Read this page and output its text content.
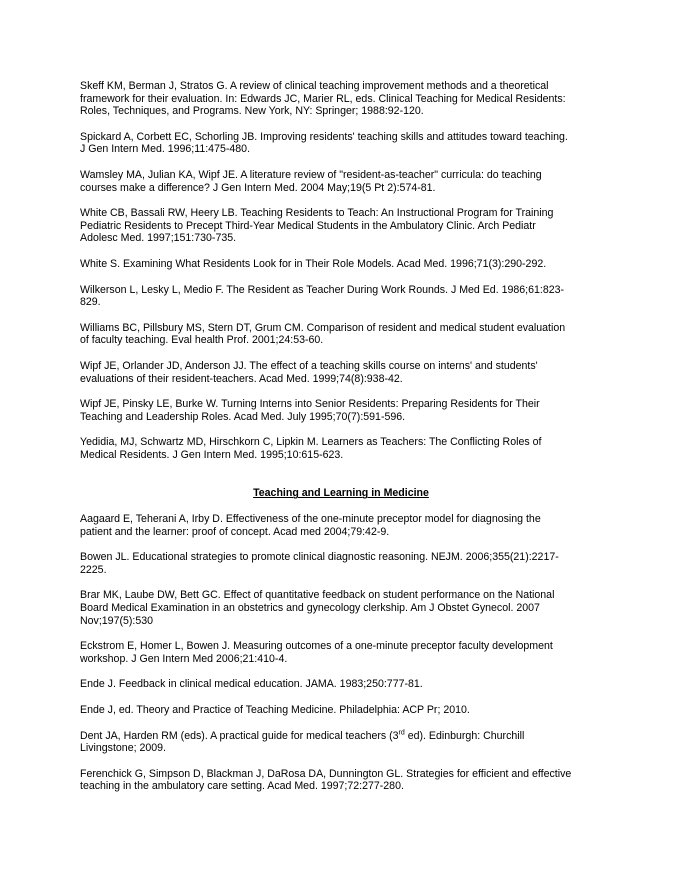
Skeff KM, Berman J, Stratos G. A review of clinical teaching improvement methods and a theoretical
framework for their evaluation. In: Edwards JC, Marier RL, eds. Clinical Teaching for Medical Residents:
Roles, Techniques, and Programs. New York, NY: Springer; 1988:92-120.
Spickard A, Corbett EC, Schorling JB. Improving residents' teaching skills and attitudes toward teaching.
J Gen Intern Med. 1996;11:475-480.
Wamsley MA, Julian KA, Wipf JE. A literature review of "resident-as-teacher" curricula: do teaching
courses make a difference? J Gen Intern Med. 2004 May;19(5 Pt 2):574-81.
White CB, Bassali RW, Heery LB. Teaching Residents to Teach: An Instructional Program for Training
Pediatric Residents to Precept Third-Year Medical Students in the Ambulatory Clinic. Arch Pediatr
Adolesc Med. 1997;151:730-735.
White S. Examining What Residents Look for in Their Role Models. Acad Med. 1996;71(3):290-292.
Wilkerson L, Lesky L, Medio F. The Resident as Teacher During Work Rounds. J Med Ed. 1986;61:823-
829.
Williams BC, Pillsbury MS, Stern DT, Grum CM. Comparison of resident and medical student evaluation
of faculty teaching. Eval health Prof. 2001;24:53-60.
Wipf JE, Orlander JD, Anderson JJ. The effect of a teaching skills course on interns' and students'
evaluations of their resident-teachers. Acad Med. 1999;74(8):938-42.
Wipf JE, Pinsky LE, Burke W. Turning Interns into Senior Residents: Preparing Residents for Their
Teaching and Leadership Roles. Acad Med. July 1995;70(7):591-596.
Yedidia, MJ, Schwartz MD, Hirschkorn C, Lipkin M. Learners as Teachers: The Conflicting Roles of
Medical Residents. J Gen Intern Med. 1995;10:615-623.
Teaching and Learning in Medicine
Aagaard E, Teherani A, Irby D. Effectiveness of the one-minute preceptor model for diagnosing the
patient and the learner: proof of concept. Acad med 2004;79:42-9.
Bowen JL. Educational strategies to promote clinical diagnostic reasoning. NEJM. 2006;355(21):2217-
2225.
Brar MK, Laube DW, Bett GC. Effect of quantitative feedback on student performance on the National
Board Medical Examination in an obstetrics and gynecology clerkship. Am J Obstet Gynecol. 2007
Nov;197(5):530
Eckstrom E, Homer L, Bowen J. Measuring outcomes of a one-minute preceptor faculty development
workshop. J Gen Intern Med 2006;21:410-4.
Ende J. Feedback in clinical medical education. JAMA. 1983;250:777-81.
Ende J, ed. Theory and Practice of Teaching Medicine. Philadelphia: ACP Pr; 2010.
Dent JA, Harden RM (eds). A practical guide for medical teachers (3rd ed). Edinburgh: Churchill
Livingstone; 2009.
Ferenchick G, Simpson D, Blackman J, DaRosa DA, Dunnington GL. Strategies for efficient and effective
teaching in the ambulatory care setting. Acad Med. 1997;72:277-280.
